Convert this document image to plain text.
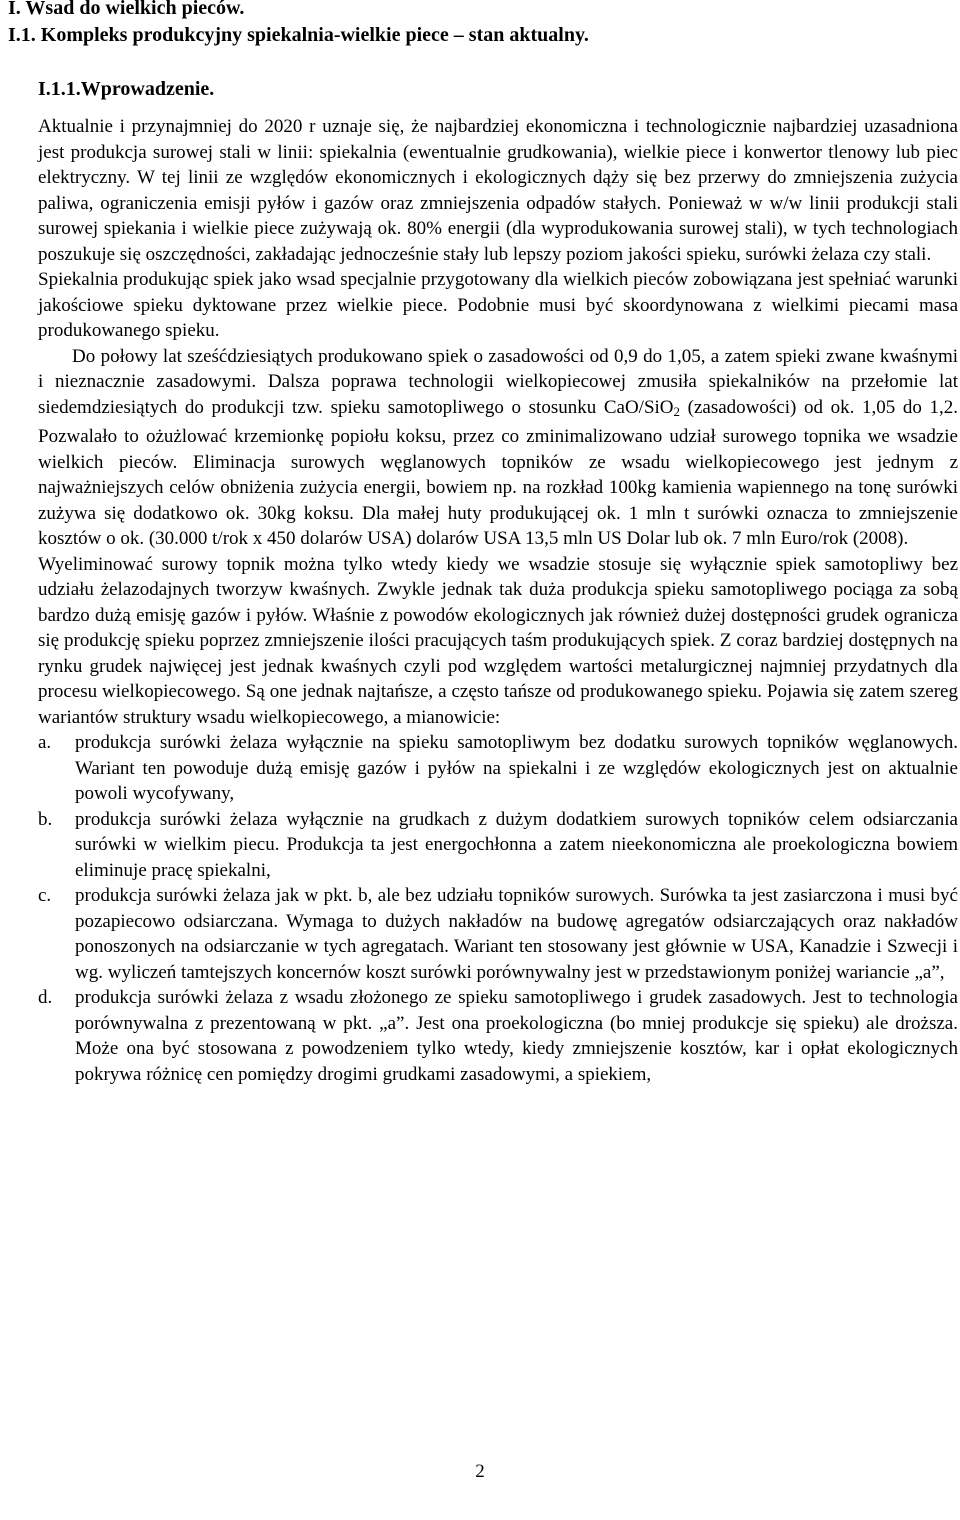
I. Wsad do wielkich pieców.
I.1. Kompleks produkcyjny spiekalnia-wielkie piece – stan aktualny.
I.1.1.Wprowadzenie.

Aktualnie i przynajmniej do 2020 r uznaje się, że najbardziej ekonomiczna i technologicznie najbardziej uzasadniona jest produkcja surowej stali w linii: spiekalnia (ewentualnie grudkowania), wielkie piece i konwertor tlenowy lub piec elektryczny. W tej linii ze względów ekonomicznych i ekologicznych dąży się bez przerwy do zmniejszenia zużycia paliwa, ograniczenia emisji pyłów i gazów oraz zmniejszenia odpadów stałych. Ponieważ w w/w linii produkcji stali surowej spiekania i wielkie piece zużywają ok. 80% energii (dla wyprodukowania surowej stali), w tych technologiach poszukuje się oszczędności, zakładając jednocześnie stały lub lepszy poziom jakości spieku, surówki żelaza czy stali.

Spiekalnia produkując spiek jako wsad specjalnie przygotowany dla wielkich pieców zobowiązana jest spełniać warunki jakościowe spieku dyktowane przez wielkie piece. Podobnie musi być skoordynowana z wielkimi piecami masa produkowanego spieku.

Do połowy lat sześćdziesiątych produkowano spiek o zasadowości od 0,9 do 1,05, a zatem spieki zwane kwaśnymi i nieznacznie zasadowymi. Dalsza poprawa technologii wielkopiecowej zmusiła spiekalników na przełomie lat siedemdziesiątych do produkcji tzw. spieku samotopliwego o stosunku CaO/SiO$_2$ (zasadowości) od ok. 1,05 do 1,2. Pozwalało to ożużlować krzemionkę popiołu koksu, przez co zminimalizowano udział surowego topnika we wsadzie wielkich pieców. Eliminacja surowych węglanowych topników ze wsadu wielkopiecowego jest jednym z najważniejszych celów obniżenia zużycia energii, bowiem np. na rozkład 100kg kamienia wapiennego na tonę surówki zużywa się dodatkowo ok. 30kg koksu. Dla małej huty produkującej ok. 1 mln t surówki oznacza to zmniejszenie kosztów o ok. (30.000 t/rok x 450 dolarów USA) dolarów USA 13,5 mln US Dolar lub ok. 7 mln Euro/rok (2008).

Wyeliminować surowy topnik można tylko wtedy kiedy we wsadzie stosuje się wyłącznie spiek samotopliwy bez udziału żelazodajnych tworzyw kwaśnych. Zwykle jednak tak duża produkcja spieku samotopliwego pociąga za sobą bardzo dużą emisję gazów i pyłów. Właśnie z powodów ekologicznych jak również dużej dostępności grudek ogranicza się produkcję spieku poprzez zmniejszenie ilości pracujących taśm produkujących spiek. Z coraz bardziej dostępnych na rynku grudek najwięcej jest jednak kwaśnych czyli pod względem wartości metalurgicznej najmniej przydatnych dla procesu wielkopiecowego. Są one jednak najtańsze, a często tańsze od produkowanego spieku. Pojawia się zatem szereg wariantów struktury wsadu wielkopiecowego, a mianowicie:

a. produkcja surówki żelaza wyłącznie na spieku samotopliwym bez dodatku surowych topników węglanowych. Wariant ten powoduje dużą emisję gazów i pyłów na spiekalni i ze względów ekologicznych jest on aktualnie powoli wycofywany,
b. produkcja surówki żelaza wyłącznie na grudkach z dużym dodatkiem surowych topników celem odsiarczania surówki w wielkim piecu. Produkcja ta jest energochłonna a zatem nieekonomiczna ale proekologiczna bowiem eliminuje pracę spiekalni,
c. produkcja surówki żelaza jak w pkt. b, ale bez udziału topników surowych. Surówka ta jest zasiarczona i musi być pozapiecowo odsiarczana. Wymaga to dużych nakładów na budowę agregatów odsiarczających oraz nakładów ponoszonych na odsiarczanie w tych agregatach. Wariant ten stosowany jest głównie w USA, Kanadzie i Szwecji i wg. wyliczeń tamtejszych koncernów koszt surówki porównywalny jest w przedstawionym poniżej wariancie „a”,
d. produkcja surówki żelaza z wsadu złożonego ze spieku samotopliwego i grudek zasadowych. Jest to technologia porównywalna z prezentowaną w pkt. „a”. Jest ona proekologiczna (bo mniej produkcje się spieku) ale droższa. Może ona być stosowana z powodzeniem tylko wtedy, kiedy zmniejszenie kosztów, kar i opłat ekologicznych pokrywa różnicę cen pomiędzy drogimi grudkami zasadowymi, a spiekiem,
2
